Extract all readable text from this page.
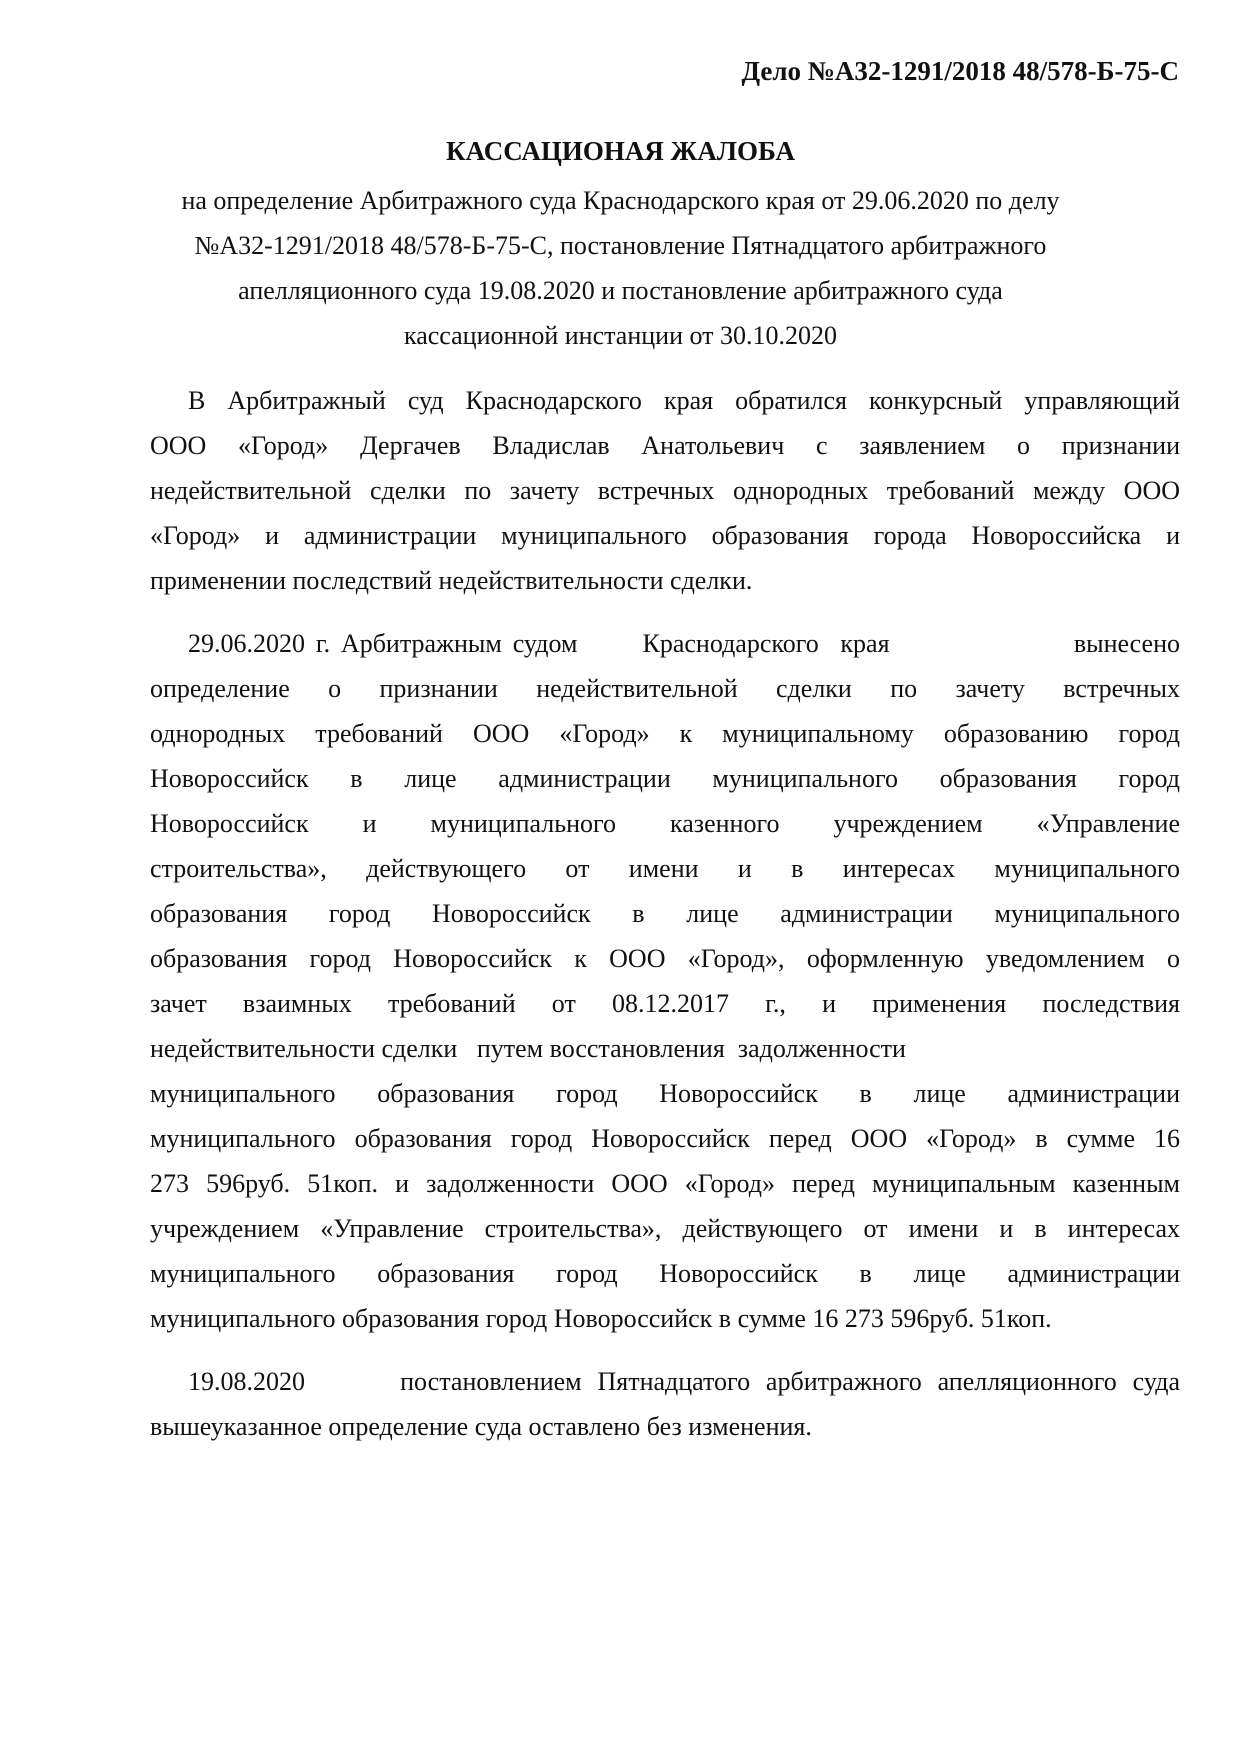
Дело №А32-1291/2018 48/578-Б-75-С
КАССАЦИОНАЯ ЖАЛОБА
на определение Арбитражного суда Краснодарского края от 29.06.2020 по делу
№А32-1291/2018 48/578-Б-75-С, постановление Пятнадцатого арбитражного
апелляционного суда 19.08.2020 и постановление арбитражного суда
кассационной инстанции от 30.10.2020
В Арбитражный суд Краснодарского края обратился конкурсный управляющий
ООО «Город» Дергачев Владислав Анатольевич с заявлением о признании
недействительной сделки по зачету встречных однородных требований между ООО
«Город» и администрации муниципального образования города Новороссийска и
применении последствий недействительности сделки.
29.06.2020 г. Арбитражным судом      Краснодарского  края                 вынесено
определение о признании недействительной сделки по зачету встречных
однородных требований ООО «Город» к муниципальному образованию город
Новороссийск в лице администрации муниципального образования город
Новороссийск и муниципального казенного учреждением «Управление
строительства», действующего от имени и в интересах муниципального
образования город Новороссийск в лице администрации муниципального
образования город Новороссийск к ООО «Город», оформленную уведомлением о
зачет взаимных требований от 08.12.2017 г., и применения последствия
недействительности сделки   путем восстановления  задолженности
муниципального образования город Новороссийск в лице администрации
муниципального образования город Новороссийск перед ООО «Город» в сумме 16
273 596руб. 51коп. и задолженности ООО «Город» перед муниципальным казенным
учреждением «Управление строительства», действующего от имени и в интересах
муниципального образования город Новороссийск в лице администрации
муниципального образования город Новороссийск в сумме 16 273 596руб. 51коп.
19.08.2020      постановлением Пятнадцатого арбитражного апелляционного суда
вышеуказанное определение суда оставлено без изменения.
